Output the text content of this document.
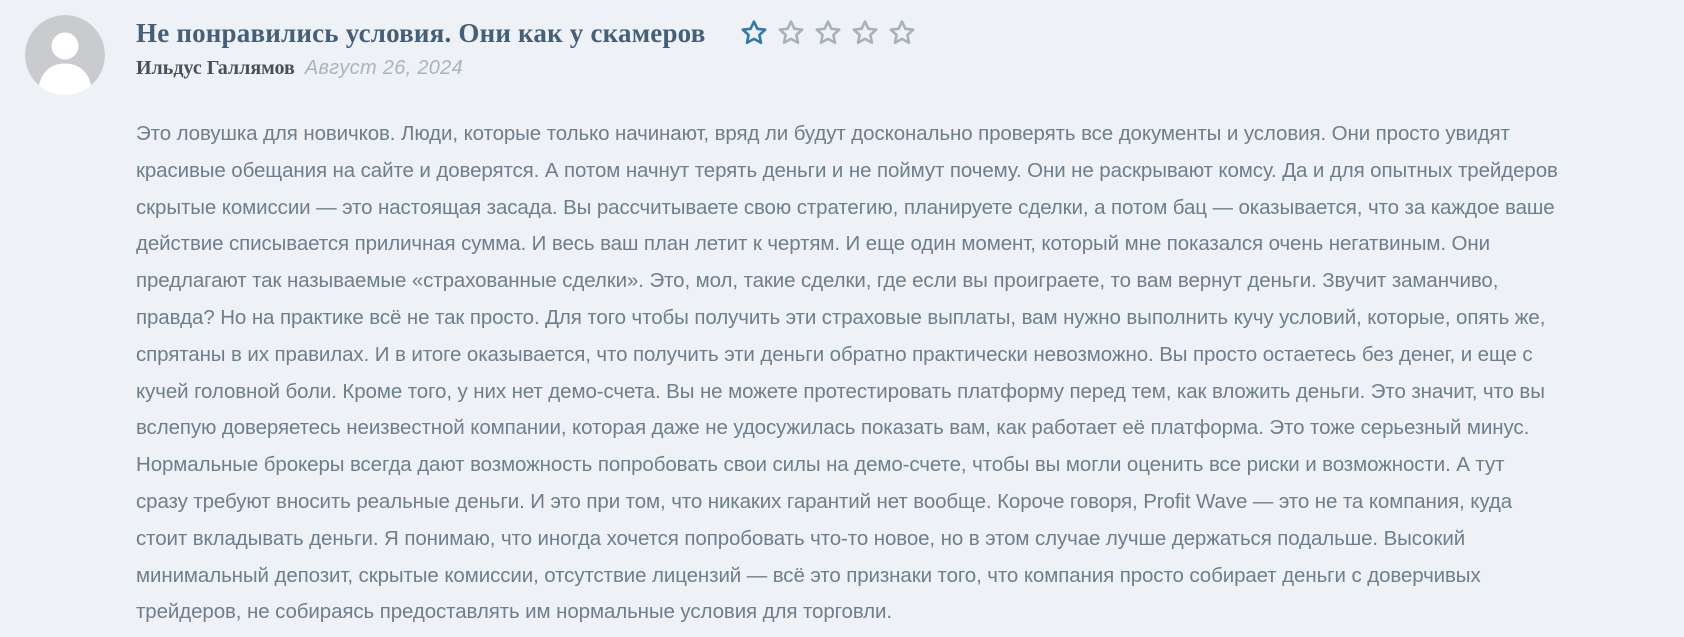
Не понравились условия. Они как у скамеров
Ильдус Галлямов Август 26, 2024

Это ловушка для новичков. Люди, которые только начинают, вряд ли будут досконально проверять все документы и условия. Они просто увидят красивые обещания на сайте и доверятся. А потом начнут терять деньги и не поймут почему. Они не раскрывают комсу. Да и для опытных трейдеров скрытые комиссии — это настоящая засада. Вы рассчитываете свою стратегию, планируете сделки, а потом бац — оказывается, что за каждое ваше действие списывается приличная сумма. И весь ваш план летит к чертям. И еще один момент, который мне показался очень негатвиным. Они предлагают так называемые «страхованные сделки». Это, мол, такие сделки, где если вы проиграете, то вам вернут деньги. Звучит заманчиво, правда? Но на практике всё не так просто. Для того чтобы получить эти страховые выплаты, вам нужно выполнить кучу условий, которые, опять же, спрятаны в их правилах. И в итоге оказывается, что получить эти деньги обратно практически невозможно. Вы просто остаетесь без денег, и еще с кучей головной боли. Кроме того, у них нет демо-счета. Вы не можете протестировать платформу перед тем, как вложить деньги. Это значит, что вы вслепую доверяетесь неизвестной компании, которая даже не удосужилась показать вам, как работает её платформа. Это тоже серьезный минус. Нормальные брокеры всегда дают возможность попробовать свои силы на демо-счете, чтобы вы могли оценить все риски и возможности. А тут сразу требуют вносить реальные деньги. И это при том, что никаких гарантий нет вообще. Короче говоря, Profit Wave — это не та компания, куда стоит вкладывать деньги. Я понимаю, что иногда хочется попробовать что-то новое, но в этом случае лучше держаться подальше. Высокий минимальный депозит, скрытые комиссии, отсутствие лицензий — всё это признаки того, что компания просто собирает деньги с доверчивых трейдеров, не собираясь предоставлять им нормальные условия для торговли.
